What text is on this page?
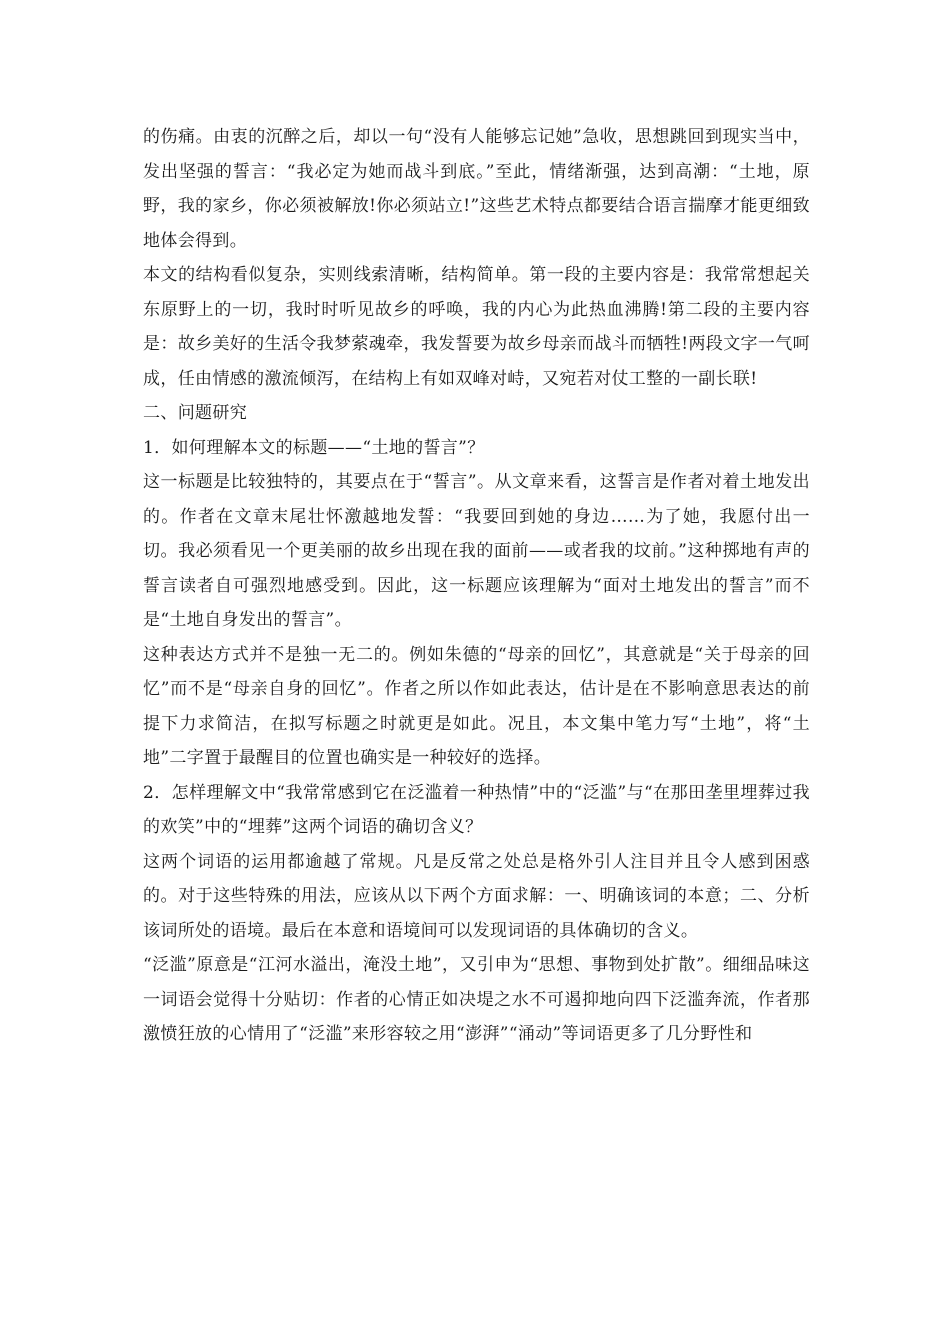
的伤痛。由衷的沉醉之后，却以一句“没有人能够忘记她”急收，思想跳回到现实当中，发出坚强的誓言：“我必定为她而战斗到底。”至此，情绪渐强，达到高潮：“土地，原野，我的家乡，你必须被解放!你必须站立!”这些艺术特点都要结合语言揣摩才能更细致地体会得到。

本文的结构看似复杂，实则线索清晰，结构简单。第一段的主要内容是：我常常想起关东原野上的一切，我时时听见故乡的呼唤，我的内心为此热血沸腾!第二段的主要内容是：故乡美好的生活令我梦萦魂牵，我发誓要为故乡母亲而战斗而牺牲!两段文字一气呵成，任由情感的激流倾泻，在结构上有如双峰对峙，又宛若对仗工整的一副长联!

二、问题研究

1．如何理解本文的标题——“土地的誓言”？

这一标题是比较独特的，其要点在于“誓言”。从文章来看，这誓言是作者对着土地发出的。作者在文章末尾壮怀激越地发誓：“我要回到她的身边……为了她，我愿付出一切。我必须看见一个更美丽的故乡出现在我的面前——或者我的坟前。”这种掷地有声的誓言读者自可强烈地感受到。因此，这一标题应该理解为“面对土地发出的誓言”而不是“土地自身发出的誓言”。

这种表达方式并不是独一无二的。例如朱德的“母亲的回忆”，其意就是“关于母亲的回忆”而不是“母亲自身的回忆”。作者之所以作如此表达，估计是在不影响意思表达的前提下力求简洁，在拟写标题之时就更是如此。况且，本文集中笔力写“土地”，将“土地”二字置于最醒目的位置也确实是一种较好的选择。

2．怎样理解文中“我常常感到它在泛滥着一种热情”中的“泛滥”与“在那田垄里埋葬过我的欢笑”中的“埋葬”这两个词语的确切含义？

这两个词语的运用都逾越了常规。凡是反常之处总是格外引人注目并且令人感到困惑的。对于这些特殊的用法，应该从以下两个方面求解：一、明确该词的本意；二、分析该词所处的语境。最后在本意和语境间可以发现词语的具体确切的含义。

“泛滥”原意是“江河水溢出，淹没土地”，又引申为“思想、事物到处扩散”。细细品味这一词语会觉得十分贴切：作者的心情正如决堤之水不可遏抑地向四下泛滥奔流，作者那激愤狂放的心情用了“泛滥”来形容较之用“澎湃”“涌动”等词语更多了几分野性和
